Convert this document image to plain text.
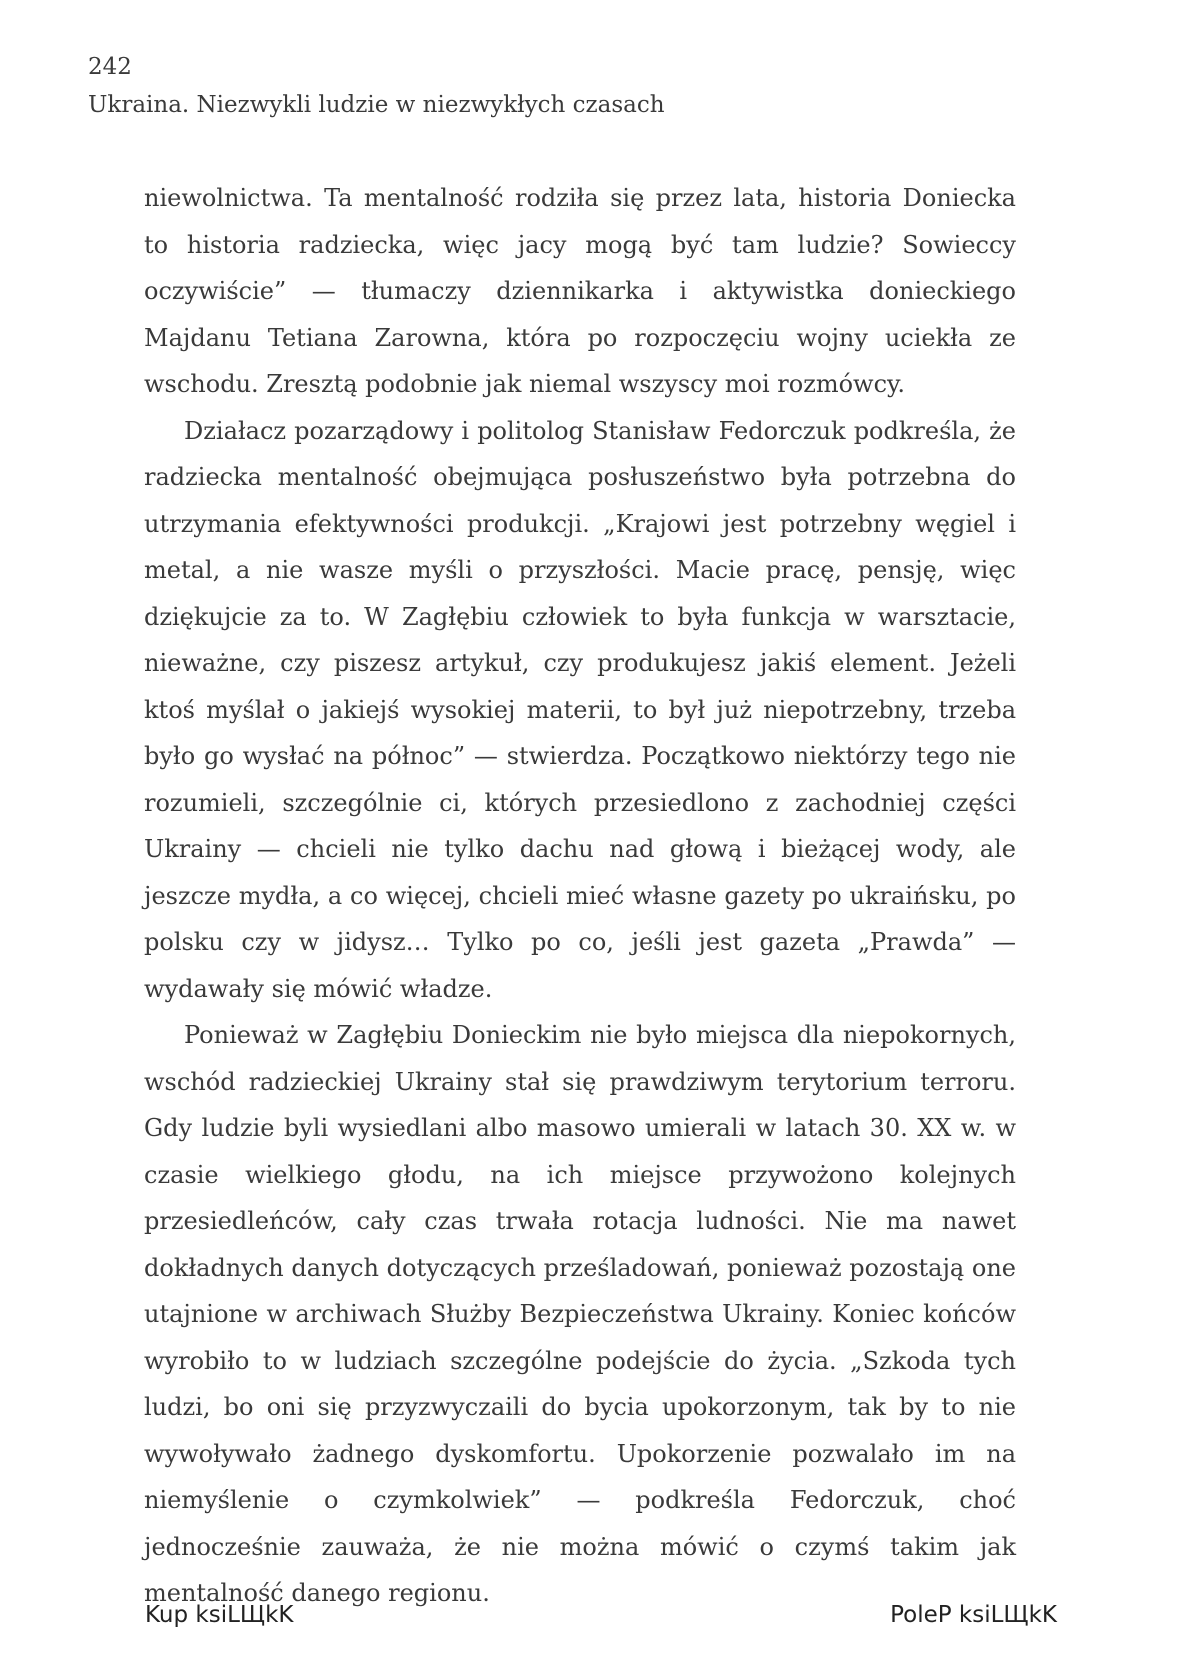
242
Ukraina. Niezwykli ludzie w niezwykłych czasach

niewolnictwa. Ta mentalność rodziła się przez lata, historia Doniecka to historia radziecka, więc jacy mogą być tam ludzie? Sowieccy oczywiście” — tłumaczy dziennikarka i aktywistka donieckiego Majdanu Tetiana Zarowna, która po rozpoczęciu wojny uciekła ze wschodu. Zresztą podobnie jak niemal wszyscy moi rozmówcy.

Działacz pozarządowy i politolog Stanisław Fedorczuk podkreśla, że radziecka mentalność obejmująca posłuszeństwo była potrzebna do utrzymania efektywności produkcji. „Krajowi jest potrzebny węgiel i metal, a nie wasze myśli o przyszłości. Macie pracę, pensję, więc dziękujcie za to. W Zagłębiu człowiek to była funkcja w warsztacie, nieważne, czy piszesz artykuł, czy produkujesz jakiś element. Jeżeli ktoś myślał o jakiejś wysokiej materii, to był już niepotrzebny, trzeba było go wysłać na północ” — stwierdza. Początkowo niektórzy tego nie rozumieli, szczególnie ci, których przesiedlono z zachodniej części Ukrainy — chcieli nie tylko dachu nad głową i bieżącej wody, ale jeszcze mydła, a co więcej, chcieli mieć własne gazety po ukraińsku, po polsku czy w jidysz… Tylko po co, jeśli jest gazeta „Prawda” — wydawały się mówić władze.

Ponieważ w Zagłębiu Donieckim nie było miejsca dla niepokornych, wschód radzieckiej Ukrainy stał się prawdziwym terytorium terroru. Gdy ludzie byli wysiedlani albo masowo umierali w latach 30. XX w. w czasie wielkiego głodu, na ich miejsce przywożono kolejnych przesiedleńców, cały czas trwała rotacja ludności. Nie ma nawet dokładnych danych dotyczących prześladowań, ponieważ pozostają one utajnione w archiwach Służby Bezpieczeństwa Ukrainy. Koniec końców wyrobiło to w ludziach szczególne podejście do życia. „Szkoda tych ludzi, bo oni się przyzwyczaili do bycia upokorzonym, tak by to nie wywoływało żadnego dyskomfortu. Upokorzenie pozwalało im na niemyślenie o czymkolwiek” — podkreśla Fedorczuk, choć jednocześnie zauważa, że nie można mówić o czymś takim jak mentalność danego regionu.

Kup ksiLЩkK	PoleP ksiLЩkK
